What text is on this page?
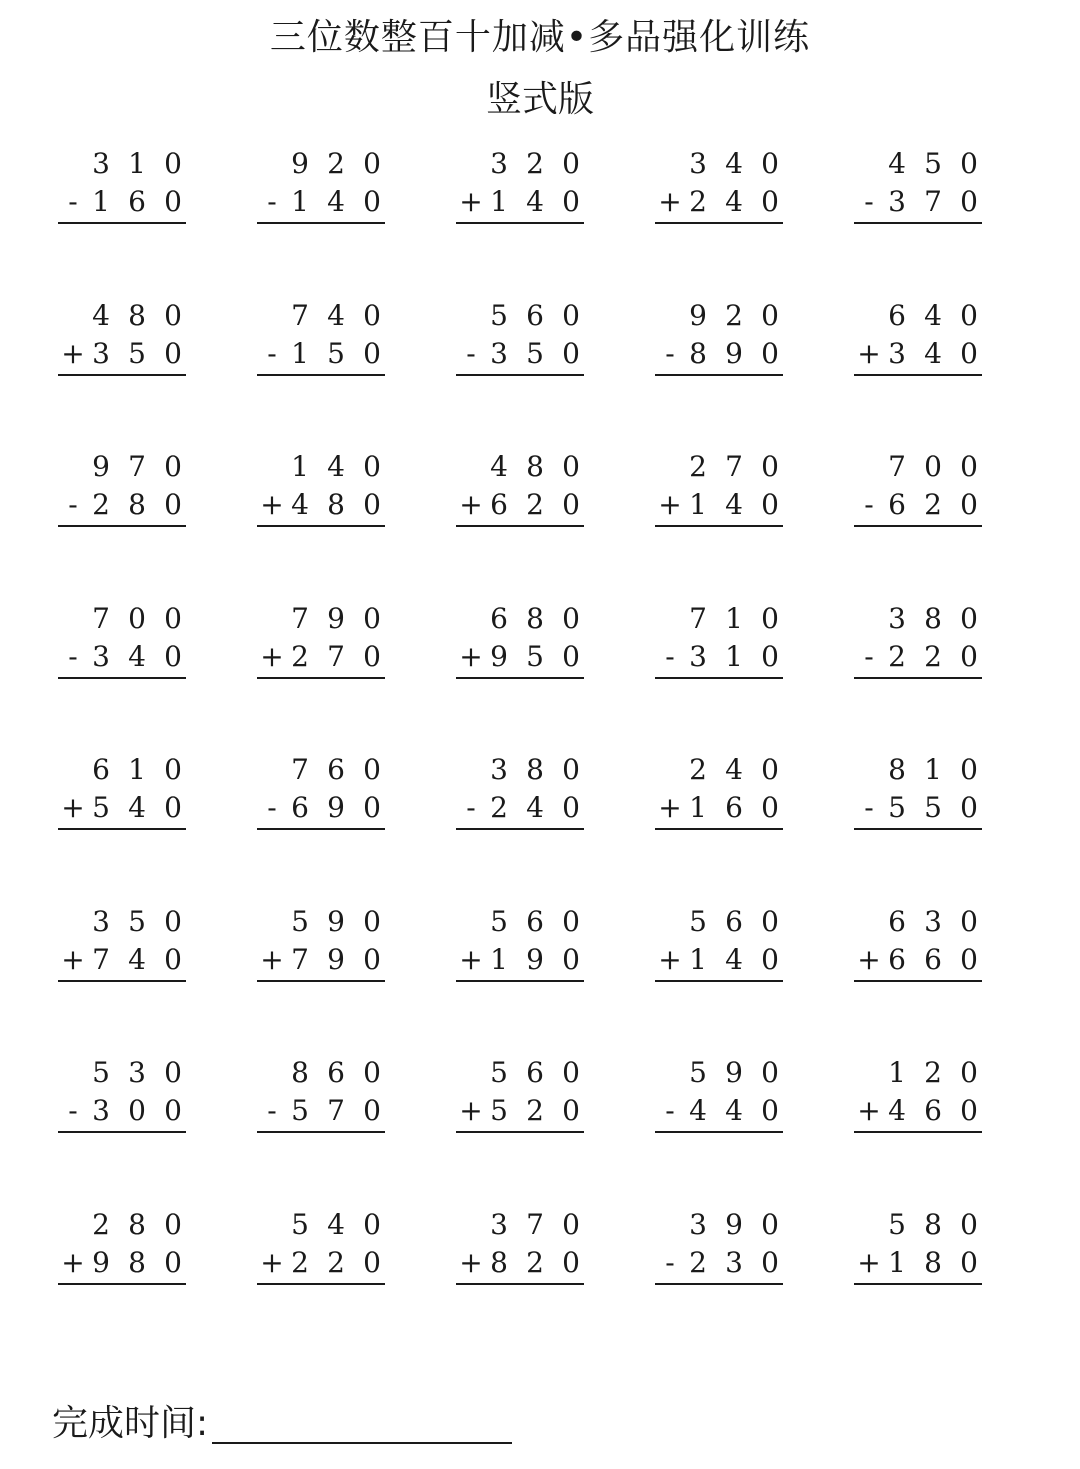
三位数整百十加减•多品强化训练
竖式版
3 1 0
- 1 6 0
9 2 0
- 1 4 0
3 2 0
+ 1 4 0
3 4 0
+ 2 4 0
4 5 0
- 3 7 0
4 8 0
+ 3 5 0
7 4 0
- 1 5 0
5 6 0
- 3 5 0
9 2 0
- 8 9 0
6 4 0
+ 3 4 0
9 7 0
- 2 8 0
1 4 0
+ 4 8 0
4 8 0
+ 6 2 0
2 7 0
+ 1 4 0
7 0 0
- 6 2 0
7 0 0
- 3 4 0
7 9 0
+ 2 7 0
6 8 0
+ 9 5 0
7 1 0
- 3 1 0
3 8 0
- 2 2 0
6 1 0
+ 5 4 0
7 6 0
- 6 9 0
3 8 0
- 2 4 0
2 4 0
+ 1 6 0
8 1 0
- 5 5 0
3 5 0
+ 7 4 0
5 9 0
+ 7 9 0
5 6 0
+ 1 9 0
5 6 0
+ 1 4 0
6 3 0
+ 6 6 0
5 3 0
- 3 0 0
8 6 0
- 5 7 0
5 6 0
+ 5 2 0
5 9 0
- 4 4 0
1 2 0
+ 4 6 0
2 8 0
+ 9 8 0
5 4 0
+ 2 2 0
3 7 0
+ 8 2 0
3 9 0
- 2 3 0
5 8 0
+ 1 8 0
完成时间:
